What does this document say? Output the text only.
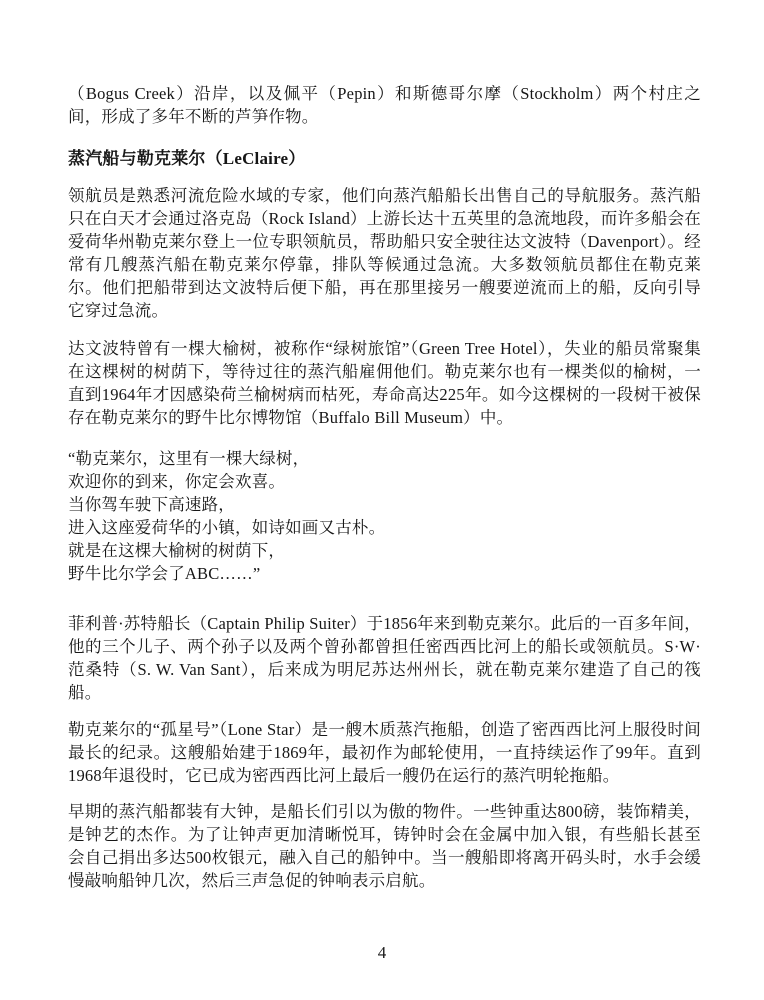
（Bogus Creek）沿岸，以及佩平（Pepin）和斯德哥尔摩（Stockholm）两个村庄之间，形成了多年不断的芦笋作物。

蒸汽船与勒克莱尔（LeClaire）

领航员是熟悉河流危险水域的专家，他们向蒸汽船船长出售自己的导航服务。蒸汽船只在白天才会通过洛克岛（Rock Island）上游长达十五英里的急流地段，而许多船会在爱荷华州勒克莱尔登上一位专职领航员，帮助船只安全驶往达文波特（Davenport）。经常有几艘蒸汽船在勒克莱尔停靠，排队等候通过急流。大多数领航员都住在勒克莱尔。他们把船带到达文波特后便下船，再在那里接另一艘要逆流而上的船，反向引导它穿过急流。

达文波特曾有一棵大榆树，被称作“绿树旅馆”（Green Tree Hotel），失业的船员常聚集在这棵树的树荫下，等待过往的蒸汽船雇佣他们。勒克莱尔也有一棵类似的榆树，一直到1964年才因感染荷兰榆树病而枯死，寿命高达225年。如今这棵树的一段树干被保存在勒克莱尔的野牛比尔博物馆（Buffalo Bill Museum）中。

“勒克莱尔，这里有一棵大绿树，
欢迎你的到来，你定会欢喜。
当你驾车驶下高速路，
进入这座爱荷华的小镇，如诗如画又古朴。
就是在这棵大榆树的树荫下，
野牛比尔学会了ABC……”

菲利普·苏特船长（Captain Philip Suiter）于1856年来到勒克莱尔。此后的一百多年间，他的三个儿子、两个孙子以及两个曾孙都曾担任密西西比河上的船长或领航员。S·W·范桑特（S. W. Van Sant），后来成为明尼苏达州州长，就在勒克莱尔建造了自己的筏船。

勒克莱尔的“孤星号”（Lone Star）是一艘木质蒸汽拖船，创造了密西西比河上服役时间最长的纪录。这艘船始建于1869年，最初作为邮轮使用，一直持续运作了99年。直到1968年退役时，它已成为密西西比河上最后一艘仍在运行的蒸汽明轮拖船。

早期的蒸汽船都装有大钟，是船长们引以为傲的物件。一些钟重达800磅，装饰精美，是钟艺的杰作。为了让钟声更加清晰悦耳，铸钟时会在金属中加入银，有些船长甚至会自己捐出多达500枚银元，融入自己的船钟中。当一艘船即将离开码头时，水手会缓慢敲响船钟几次，然后三声急促的钟响表示启航。

4
